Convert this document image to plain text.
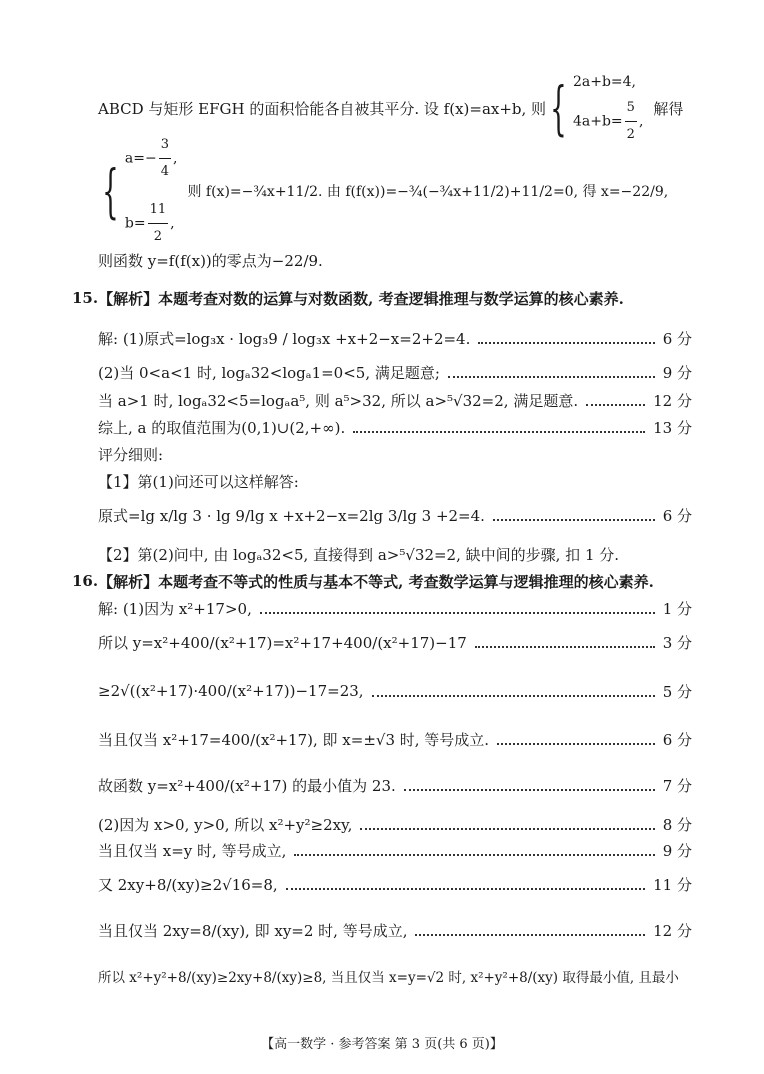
ABCD 与矩形 EFGH 的面积恰能各自被其平分. 设 f(x)=ax+b, 则 { 2a+b=4,
$4a+b= \frac{5}{2}$ ,
解得
{ $a=- \frac{3}{4}$ ,
$b= \frac{11}{2}$ ,
则 f(x)=−¾x+11/2. 由 f(f(x))=−¾(−¾x+11/2)+11/2=0, 得 x=−22/9,
则函数 y=f(f(x))的零点为−22/9.
15. 【解析】 本题考查对数的运算与对数函数, 考查逻辑推理与数学运算的核心素养.
解: (1)原式=log₃x · log₃9 / log₃x +x+2−x=2+2=4.	6 分
(2)当 0<a<1 时, logₐ32<logₐ1=0<5, 满足题意;	9 分
当 a>1 时, logₐ32<5=logₐa⁵, 则 a⁵>32, 所以 a>⁵√32=2, 满足题意.	12 分
综上, a 的取值范围为(0,1)∪(2,+∞).	13 分
评分细则:
【1】第(1)问还可以这样解答:
原式=lg x/lg 3 · lg 9/lg x +x+2−x=2lg 3/lg 3 +2=4.	6 分
【2】第(2)问中, 由 logₐ32<5, 直接得到 a>⁵√32=2, 缺中间的步骤, 扣 1 分.
16. 【解析】 本题考查不等式的性质与基本不等式, 考查数学运算与逻辑推理的核心素养.
解: (1)因为 x²+17>0,	1 分
所以 y=x²+400/(x²+17)=x²+17+400/(x²+17)−17	3 分
≥2√((x²+17)·400/(x²+17))−17=23,	5 分
当且仅当 x²+17=400/(x²+17), 即 x=±√3 时, 等号成立.	6 分
故函数 y=x²+400/(x²+17) 的最小值为 23.	7 分
(2)因为 x>0, y>0, 所以 x²+y²≥2xy,	8 分
当且仅当 x=y 时, 等号成立,	9 分
又 2xy+8/(xy)≥2√16=8,	11 分
当且仅当 2xy=8/(xy), 即 xy=2 时, 等号成立,	12 分
所以 x²+y²+8/(xy)≥2xy+8/(xy)≥8, 当且仅当 x=y=√2 时, x²+y²+8/(xy) 取得最小值, 且最小
【高一数学 · 参考答案 第 3 页(共 6 页)】
